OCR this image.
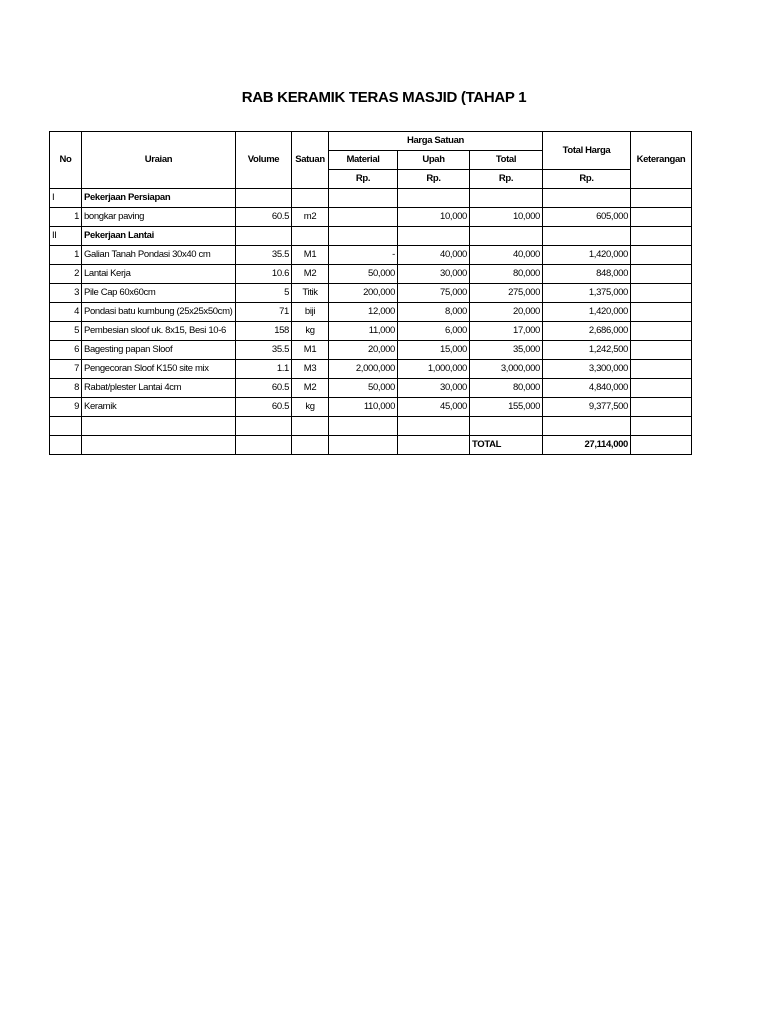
RAB KERAMIK TERAS MASJID (TAHAP 1
No	Uraian	Volume	Satuan	Harga Satuan			Total Harga	Keterangan
				Material	Upah	Total		
				Rp.	Rp.	Rp.	Rp.	
I	Pekerjaan Persiapan							
1	bongkar paving	60.5	m2		10,000	10,000	605,000	
II	Pekerjaan Lantai							
1	Galian Tanah Pondasi 30x40 cm	35.5	M1	-	40,000	40,000	1,420,000	
2	Lantai Kerja	10.6	M2	50,000	30,000	80,000	848,000	
3	Pile Cap 60x60cm	5	Titik	200,000	75,000	275,000	1,375,000	
4	Pondasi batu kumbung (25x25x50cm)	71	biji	12,000	8,000	20,000	1,420,000	
5	Pembesian sloof uk. 8x15, Besi 10-6	158	kg	11,000	6,000	17,000	2,686,000	
6	Bagesting papan Sloof	35.5	M1	20,000	15,000	35,000	1,242,500	
7	Pengecoran Sloof K150 site mix	1.1	M3	2,000,000	1,000,000	3,000,000	3,300,000	
8	Rabat/plester Lantai 4cm	60.5	M2	50,000	30,000	80,000	4,840,000	
9	Keramik	60.5	kg	110,000	45,000	155,000	9,377,500	

						TOTAL	27,114,000	
